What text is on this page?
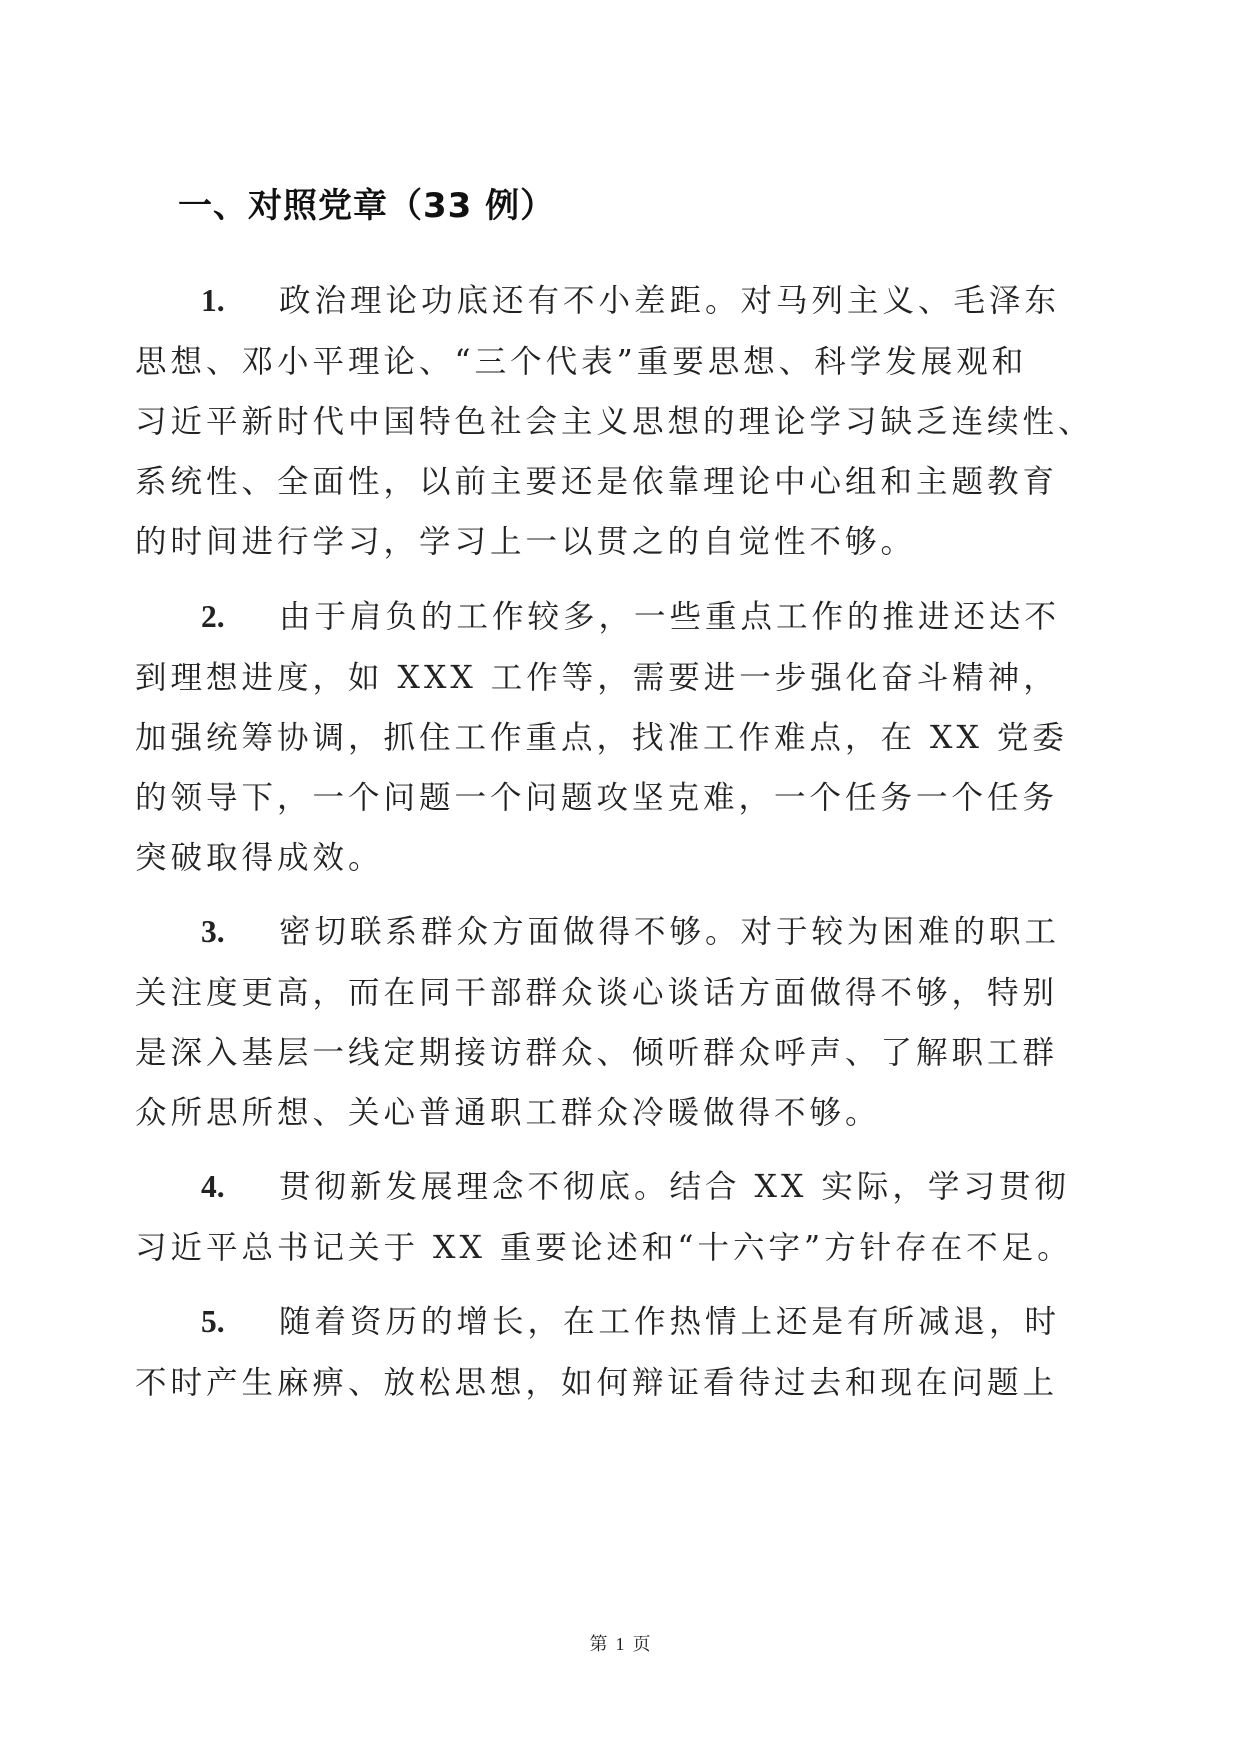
一、对照党章（33 例）
1. 政治理论功底还有不小差距。对马列主义、毛泽东
思想、邓小平理论、“三个代表”重要思想、科学发展观和
习近平新时代中国特色社会主义思想的理论学习缺乏连续性、
系统性、全面性，以前主要还是依靠理论中心组和主题教育
的时间进行学习，学习上一以贯之的自觉性不够。
2. 由于肩负的工作较多，一些重点工作的推进还达不
到理想进度，如 XXX 工作等，需要进一步强化奋斗精神，
加强统筹协调，抓住工作重点，找准工作难点，在 XX 党委
的领导下，一个问题一个问题攻坚克难，一个任务一个任务
突破取得成效。
3. 密切联系群众方面做得不够。对于较为困难的职工
关注度更高，而在同干部群众谈心谈话方面做得不够，特别
是深入基层一线定期接访群众、倾听群众呼声、了解职工群
众所思所想、关心普通职工群众冷暖做得不够。
4. 贯彻新发展理念不彻底。结合 XX 实际，学习贯彻
习近平总书记关于 XX 重要论述和“十六字”方针存在不足。
5. 随着资历的增长，在工作热情上还是有所减退，时
不时产生麻痹、放松思想，如何辩证看待过去和现在问题上
第 1 页
